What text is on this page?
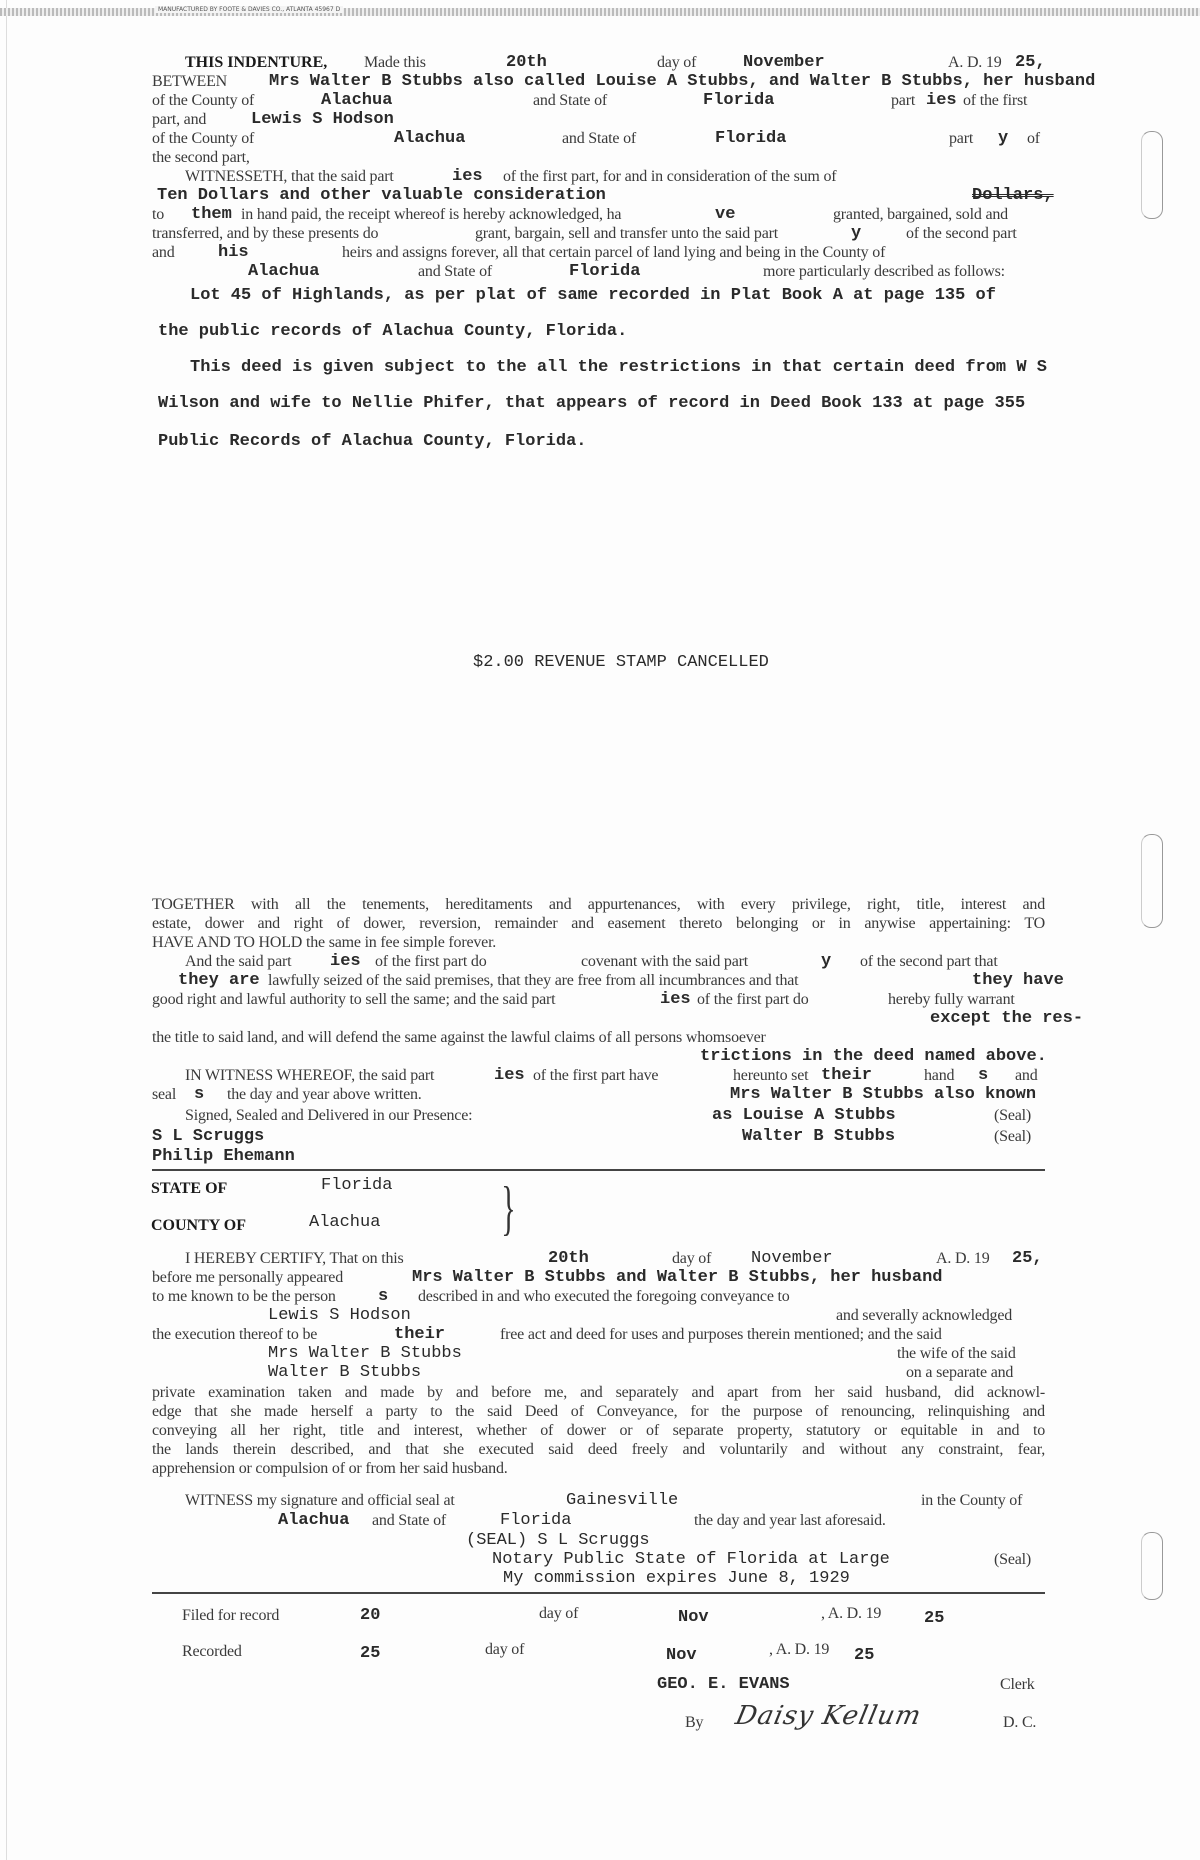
MANUFACTURED BY FOOTE & DAVIES CO., ATLANTA 45967 D
THIS INDENTURE, Made this	20th	day of	November	A. D. 19 25,
BETWEEN Mrs Walter B Stubbs also called Louise A Stubbs, and Walter B Stubbs, her husband
of the County of	Alachua	and State of	Florida	part ies of the first
part, and	Lewis S Hodson
of the County of	Alachua	and State of	Florida	part y of
the second part,
WITNESSETH, that the said part	ies of the first part, for and in consideration of the sum of
Ten Dollars and other valuable consideration	Dollars,
to them in hand paid, the receipt whereof is hereby acknowledged, ha	ve	granted, bargained, sold and
transferred, and by these presents do	grant, bargain, sell and transfer unto the said part	y	of the second part
and	his	heirs and assigns forever, all that certain parcel of land lying and being in the County of
Alachua	and State of	Florida	more particularly described as follows:
Lot 45 of Highlands, as per plat of same recorded in Plat Book A at page 135 of
the public records of Alachua County, Florida.
This deed is given subject to the all the restrictions in that certain deed from W S
Wilson and wife to Nellie Phifer, that appears of record in Deed Book 133 at page 355
Public Records of Alachua County, Florida.
$2.00 REVENUE STAMP CANCELLED
TOGETHER with all the tenements, hereditaments and appurtenances, with every privilege, right, title, interest and
estate, dower and right of dower, reversion, remainder and easement thereto belonging or in anywise appertaining: TO
HAVE AND TO HOLD the same in fee simple forever.
And the said part ies of the first part do	covenant with the said part	y of the second part that
they are lawfully seized of the said premises, that they are free from all incumbrances and that	they have
good right and lawful authority to sell the same; and the said part	ies of the first part do	hereby fully warrant
except the res-
the title to said land, and will defend the same against the lawful claims of all persons whomsoever
trictions in the deed named above.
IN WITNESS WHEREOF, the said part	ies of the first part have	hereunto set their	hand s and
seal s the day and year above written.	Mrs Walter B Stubbs also known
as Louise A Stubbs	(Seal)
Signed, Sealed and Delivered in our Presence:
S L Scruggs	Walter B Stubbs	(Seal)
Philip Ehemann
STATE OF	Florida
COUNTY OF	Alachua }
I HEREBY CERTIFY, That on this	20th	day of November	A. D. 19 25,
before me personally appeared	Mrs Walter B Stubbs and Walter B Stubbs, her husband
to me known to be the person s described in and who executed the foregoing conveyance to
Lewis S Hodson	and severally acknowledged
the execution thereof to be	their	free act and deed for uses and purposes therein mentioned; and the said
Mrs Walter B Stubbs	the wife of the said
Walter B Stubbs	on a separate and
private examination taken and made by and before me, and separately and apart from her said husband, did acknowl-
edge that she made herself a party to the said Deed of Conveyance, for the purpose of renouncing, relinquishing and
conveying all her right, title and interest, whether of dower or of separate property, statutory or equitable in and to
the lands therein described, and that she executed said deed freely and voluntarily and without any constraint, fear,
apprehension or compulsion of or from her said husband.
WITNESS my signature and official seal at	Gainesville	in the County of
Alachua and State of	Florida	the day and year last aforesaid.
(SEAL) S L Scruggs
Notary Public State of Florida at Large	(Seal)
My commission expires June 8, 1929
Filed for record	20	day of	Nov	, A. D. 19	25
Recorded	25	day of	Nov	, A. D. 19 25
GEO. E. EVANS	Clerk
By Daisy Kellum	D. C.
